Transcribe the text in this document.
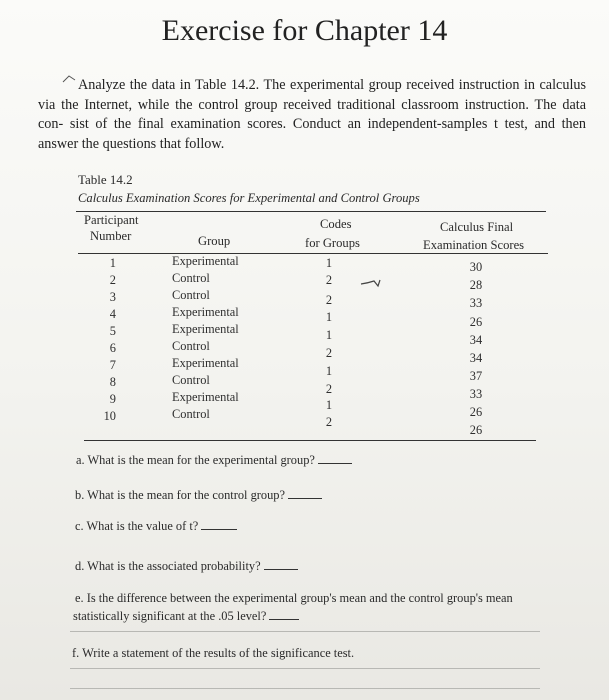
Exercise for Chapter 14
Analyze the data in Table 14.2. The experimental group received instruction in calculus via the Internet, while the control group received traditional classroom instruction. The data con- sist of the final examination scores. Conduct an independent-samples t test, and then answer the questions that follow.
Table 14.2
Calculus Examination Scores for Experimental and Control Groups
Participant
Number	Group
Codes
for Groups
Calculus Final
Examination Scores
1
2
3
4
5
6
7
8
9
10
Experimental
Control
Control
Experimental
Experimental
Control
Experimental
Control
Experimental
Control
1
2
2
1
1
2
1
2
1
2
30
28
33
26
34
34
37
33
26
26
a. What is the mean for the experimental group?
b. What is the mean for the control group?
c. What is the value of t?
d. What is the associated probability?
e. Is the difference between the experimental group's mean and the control group's mean
statistically significant at the .05 level?
f. Write a statement of the results of the significance test.
